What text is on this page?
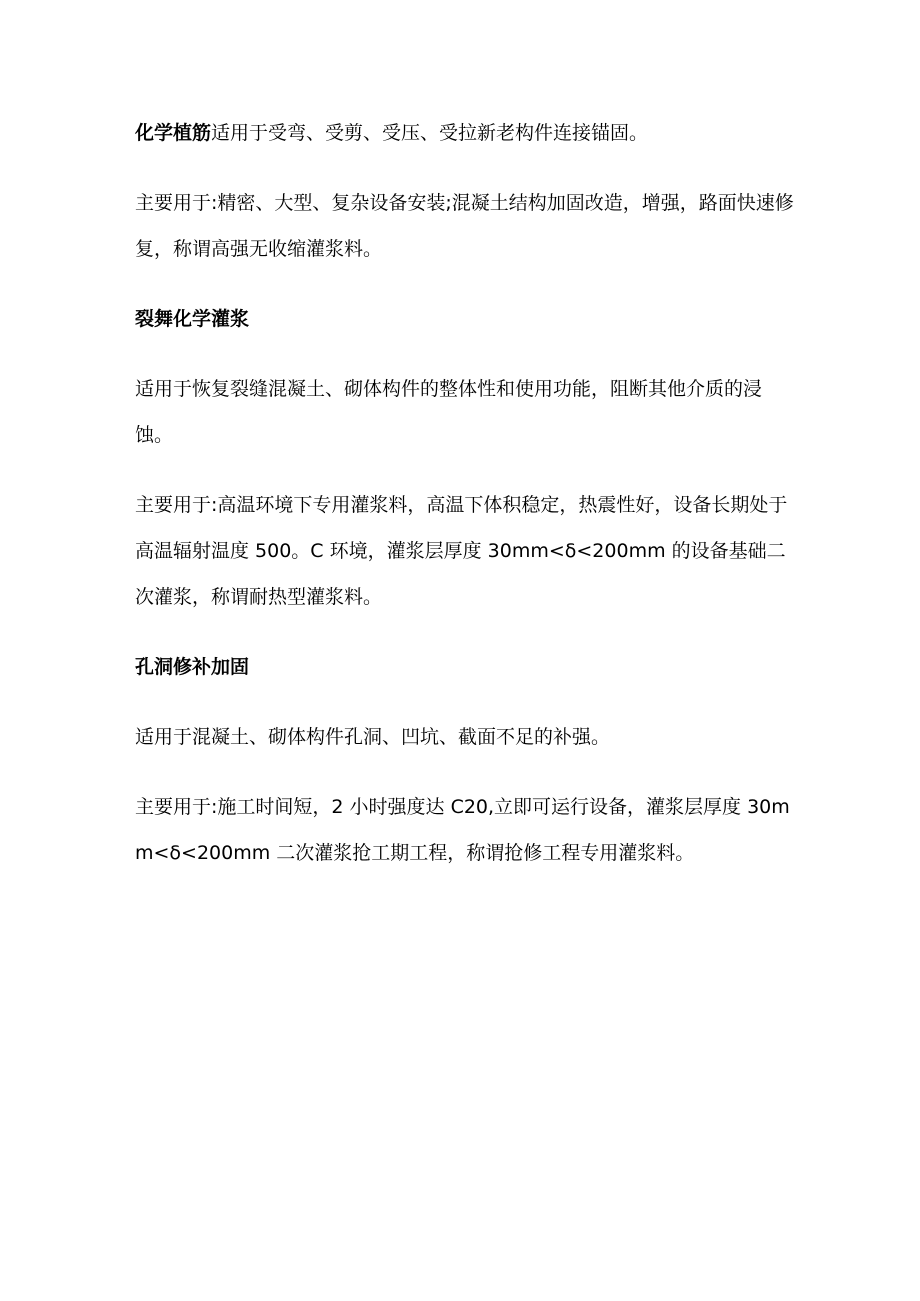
化学植筋适用于受弯、受剪、受压、受拉新老构件连接锚固。

主要用于:精密、大型、复杂设备安装;混凝土结构加固改造，增强，路面快速修复，称谓高强无收缩灌浆料。

裂舞化学灌浆

适用于恢复裂缝混凝土、砌体构件的整体性和使用功能，阻断其他介质的浸蚀。

主要用于:高温环境下专用灌浆料，高温下体积稳定，热震性好，设备长期处于高温辐射温度 500。C 环境，灌浆层厚度 30mm<δ<200mm 的设备基础二次灌浆，称谓耐热型灌浆料。

孔洞修补加固

适用于混凝土、砌体构件孔洞、凹坑、截面不足的补强。

主要用于:施工时间短，2 小时强度达 C20,立即可运行设备，灌浆层厚度 30mm<δ<200mm 二次灌浆抢工期工程，称谓抢修工程专用灌浆料。
